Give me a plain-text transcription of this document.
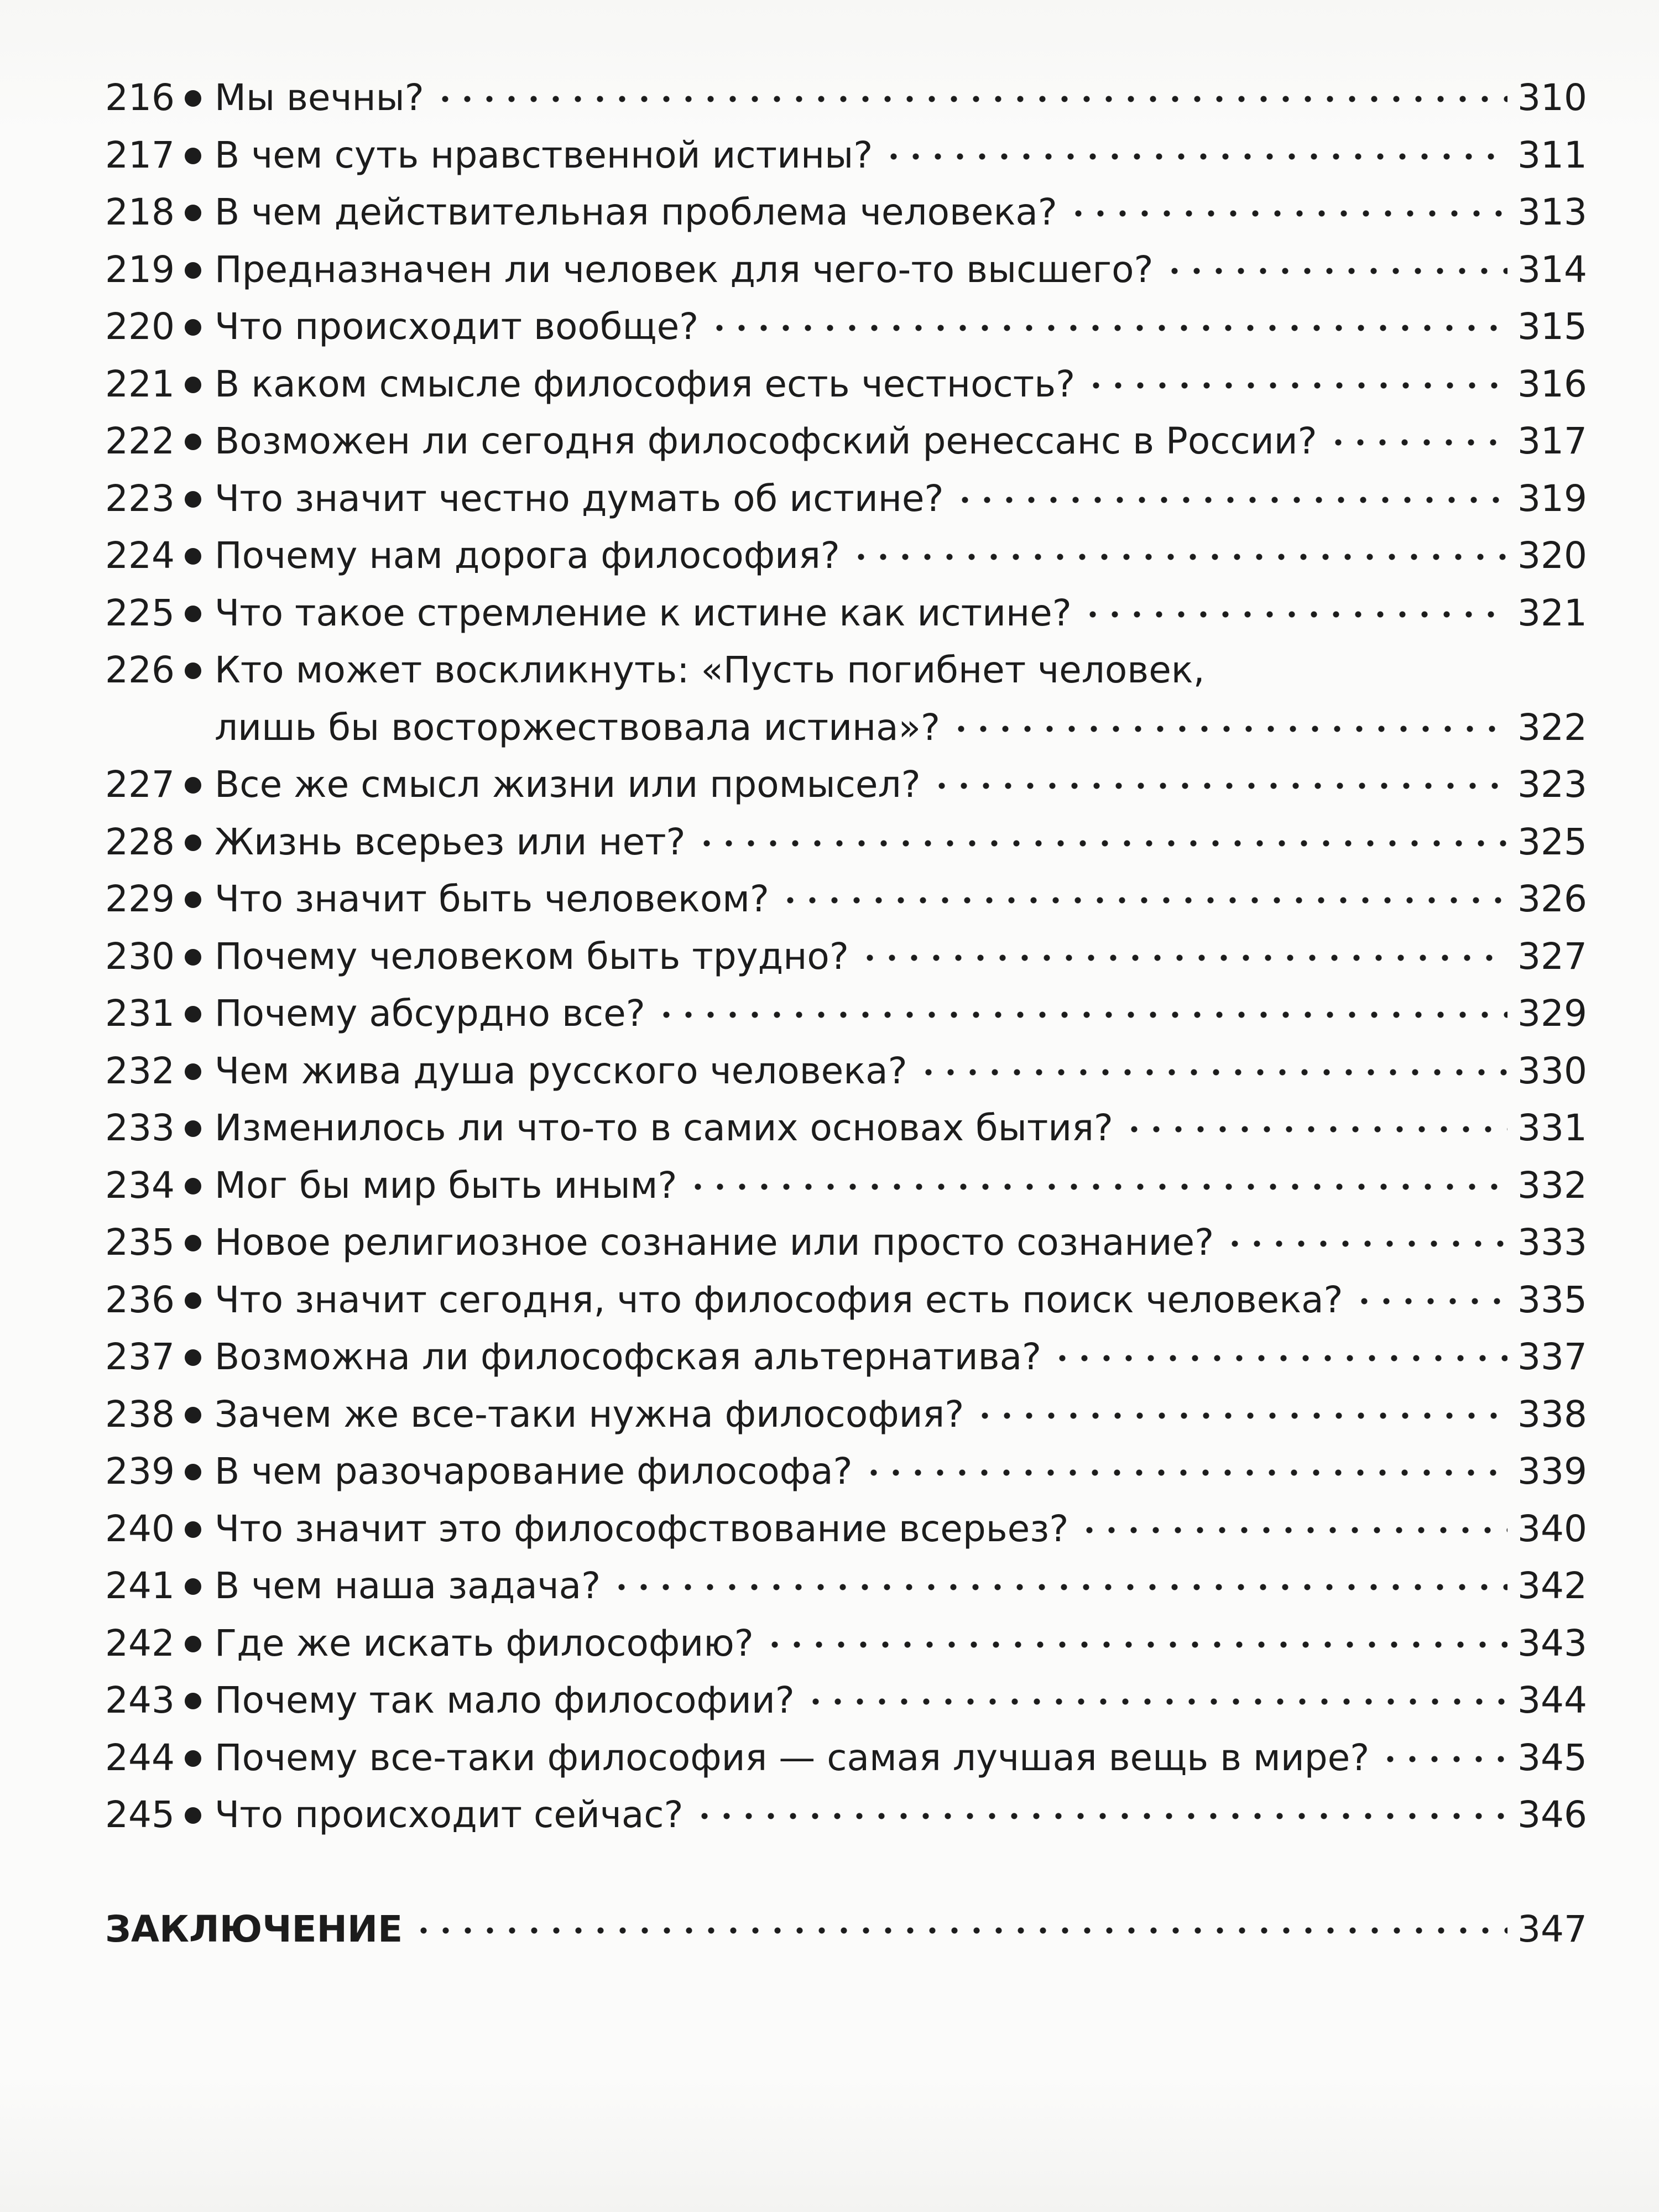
216 Мы вечны?	310
217 В чем суть нравственной истины?	311
218 В чем действительная проблема человека?	313
219 Предназначен ли человек для чего-то высшего?	314
220 Что происходит вообще?	315
221 В каком смысле философия есть честность?	316
222 Возможен ли сегодня философский ренессанс в России?	317
223 Что значит честно думать об истине?	319
224 Почему нам дорога философия?	320
225 Что такое стремление к истине как истине?	321
226 Кто может воскликнуть: «Пусть погибнет человек,
лишь бы восторжествовала истина»?	322
227 Все же смысл жизни или промысел?	323
228 Жизнь всерьез или нет?	325
229 Что значит быть человеком?	326
230 Почему человеком быть трудно?	327
231 Почему абсурдно все?	329
232 Чем жива душа русского человека?	330
233 Изменилось ли что-то в самих основах бытия?	331
234 Мог бы мир быть иным?	332
235 Новое религиозное сознание или просто сознание?	333
236 Что значит сегодня, что философия есть поиск человека?	335
237 Возможна ли философская альтернатива?	337
238 Зачем же все-таки нужна философия?	338
239 В чем разочарование философа?	339
240 Что значит это философствование всерьез?	340
241 В чем наша задача?	342
242 Где же искать философию?	343
243 Почему так мало философии?	344
244 Почему все-таки философия — самая лучшая вещь в мире?	345
245 Что происходит сейчас?	346
ЗАКЛЮЧЕНИЕ	347
